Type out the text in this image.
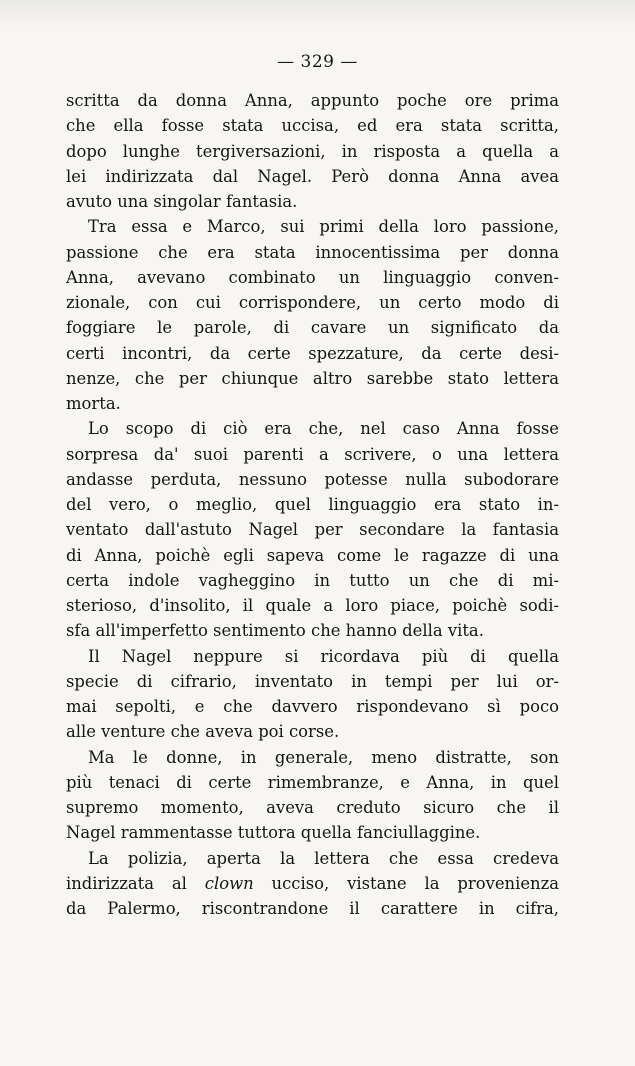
— 329 —
scritta da donna Anna, appunto poche ore prima
che ella fosse stata uccisa, ed era stata scritta,
dopo lunghe tergiversazioni, in risposta a quella a
lei indirizzata dal Nagel. Però donna Anna avea
avuto una singolar fantasia.
Tra essa e Marco, sui primi della loro passione,
passione che era stata innocentissima per donna
Anna, avevano combinato un linguaggio conven-
zionale, con cui corrispondere, un certo modo di
foggiare le parole, di cavare un significato da
certi incontri, da certe spezzature, da certe desi-
nenze, che per chiunque altro sarebbe stato lettera
morta.
Lo scopo di ciò era che, nel caso Anna fosse
sorpresa da' suoi parenti a scrivere, o una lettera
andasse perduta, nessuno potesse nulla subodorare
del vero, o meglio, quel linguaggio era stato in-
ventato dall'astuto Nagel per secondare la fantasia
di Anna, poichè egli sapeva come le ragazze di una
certa indole vagheggino in tutto un che di mi-
sterioso, d'insolito, il quale a loro piace, poichè sodi-
sfa all'imperfetto sentimento che hanno della vita.
Il Nagel neppure si ricordava più di quella
specie di cifrario, inventato in tempi per lui or-
mai sepolti, e che davvero rispondevano sì poco
alle venture che aveva poi corse.
Ma le donne, in generale, meno distratte, son
più tenaci di certe rimembranze, e Anna, in quel
supremo momento, aveva creduto sicuro che il
Nagel rammentasse tuttora quella fanciullaggine.
La polizia, aperta la lettera che essa credeva
indirizzata al clown ucciso, vistane la provenienza
da Palermo, riscontrandone il carattere in cifra,
